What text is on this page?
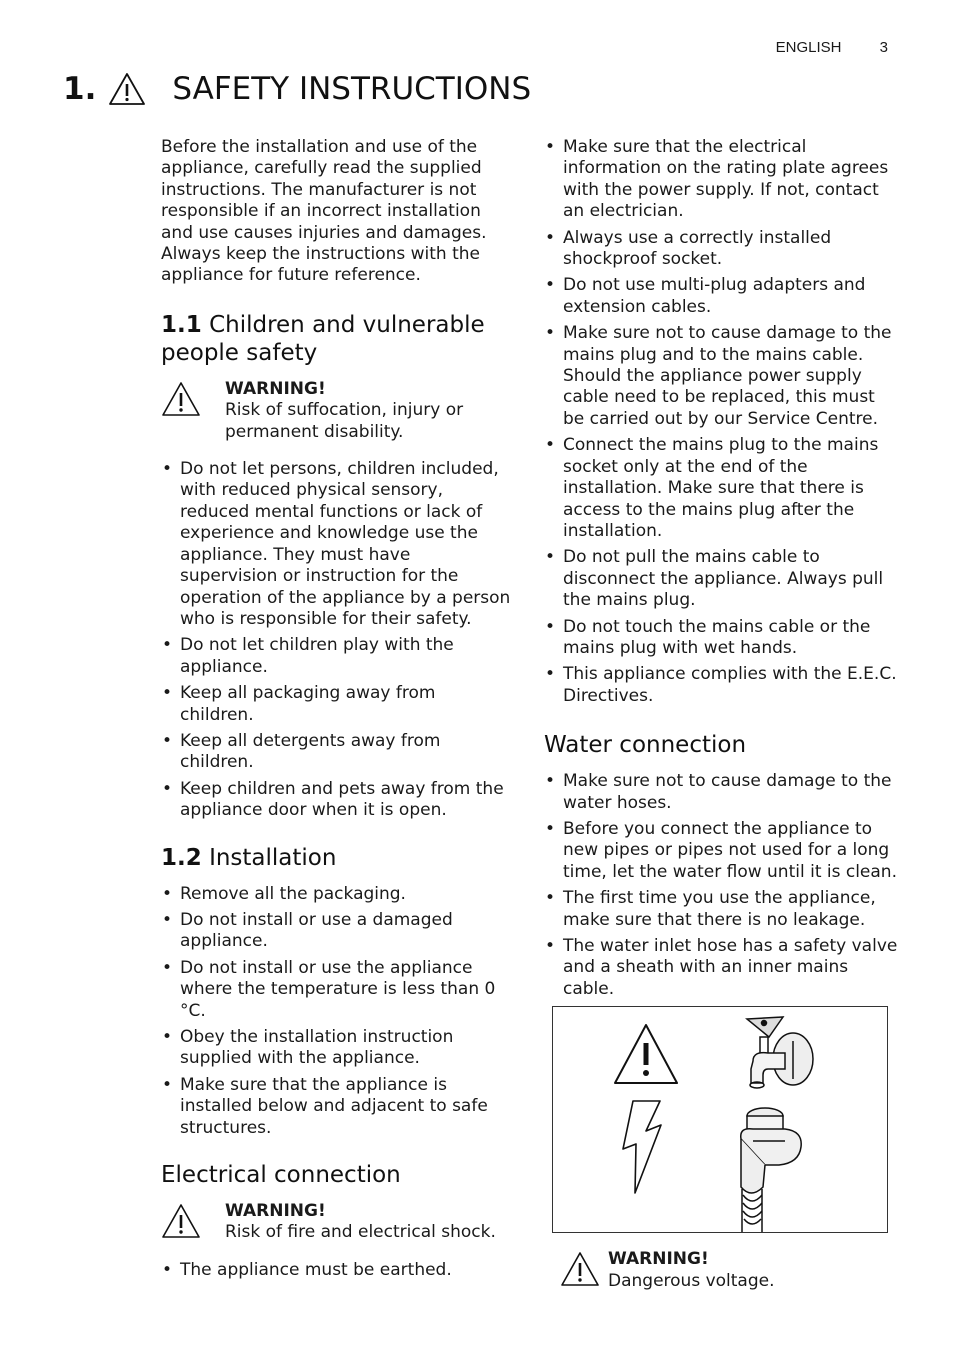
ENGLISH	3
1. SAFETY INSTRUCTIONS

Before the installation and use of the appliance, carefully read the supplied instructions. The manufacturer is not responsible if an incorrect installation and use causes injuries and damages. Always keep the instructions with the appliance for future reference.

1.1 Children and vulnerable people safety
WARNING!
Risk of suffocation, injury or permanent disability.
• Do not let persons, children included, with reduced physical sensory, reduced mental functions or lack of experience and knowledge use the appliance. They must have supervision or instruction for the operation of the appliance by a person who is responsible for their safety.
• Do not let children play with the appliance.
• Keep all packaging away from children.
• Keep all detergents away from children.
• Keep children and pets away from the appliance door when it is open.
1.2 Installation
• Remove all the packaging.
• Do not install or use a damaged appliance.
• Do not install or use the appliance where the temperature is less than 0 °C.
• Obey the installation instruction supplied with the appliance.
• Make sure that the appliance is installed below and adjacent to safe structures.
Electrical connection
WARNING!
Risk of fire and electrical shock.
• The appliance must be earthed.
• Make sure that the electrical information on the rating plate agrees with the power supply. If not, contact an electrician.
• Always use a correctly installed shockproof socket.
• Do not use multi-plug adapters and extension cables.
• Make sure not to cause damage to the mains plug and to the mains cable. Should the appliance power supply cable need to be replaced, this must be carried out by our Service Centre.
• Connect the mains plug to the mains socket only at the end of the installation. Make sure that there is access to the mains plug after the installation.
• Do not pull the mains cable to disconnect the appliance. Always pull the mains plug.
• Do not touch the mains cable or the mains plug with wet hands.
• This appliance complies with the E.E.C. Directives.
Water connection
• Make sure not to cause damage to the water hoses.
• Before you connect the appliance to new pipes or pipes not used for a long time, let the water flow until it is clean.
• The first time you use the appliance, make sure that there is no leakage.
• The water inlet hose has a safety valve and a sheath with an inner mains cable.
WARNING!
Dangerous voltage.
